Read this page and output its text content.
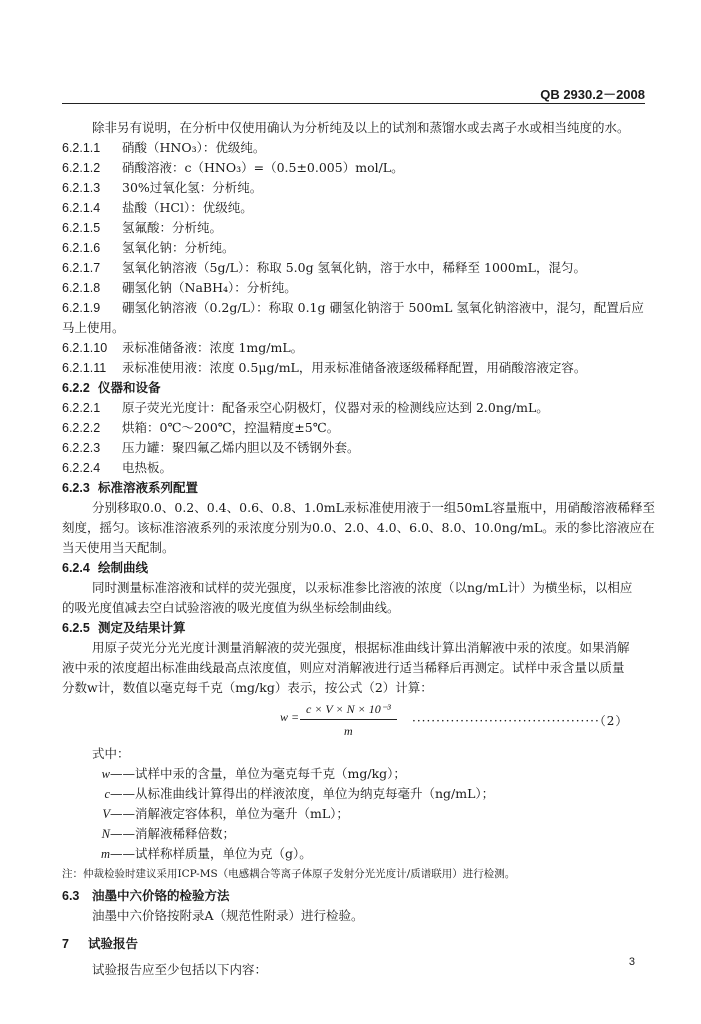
QB 2930.2－2008
除非另有说明，在分析中仅使用确认为分析纯及以上的试剂和蒸馏水或去离子水或相当纯度的水。
6.2.1.1 硝酸（HNO₃）：优级纯。
6.2.1.2 硝酸溶液：c（HNO₃）=（0.5±0.005）mol/L。
6.2.1.3 30%过氧化氢：分析纯。
6.2.1.4 盐酸（HCl）：优级纯。
6.2.1.5 氢氟酸：分析纯。
6.2.1.6 氢氧化钠：分析纯。
6.2.1.7 氢氧化钠溶液（5g/L）：称取 5.0g 氢氧化钠，溶于水中，稀释至 1000mL，混匀。
6.2.1.8 硼氢化钠（NaBH₄）：分析纯。
6.2.1.9 硼氢化钠溶液（0.2g/L）：称取 0.1g 硼氢化钠溶于 500mL 氢氧化钠溶液中，混匀，配置后应
马上使用。
6.2.1.10 汞标准储备液：浓度 1mg/mL。
6.2.1.11 汞标准使用液：浓度 0.5μg/mL，用汞标准储备液逐级稀释配置，用硝酸溶液定容。
6.2.2 仪器和设备
6.2.2.1 原子荧光光度计：配备汞空心阴极灯，仪器对汞的检测线应达到 2.0ng/mL。
6.2.2.2 烘箱：0℃～200℃，控温精度±5℃。
6.2.2.3 压力罐：聚四氟乙烯内胆以及不锈钢外套。
6.2.2.4 电热板。
6.2.3 标准溶液系列配置
分别移取0.0、0.2、0.4、0.6、0.8、1.0mL汞标准使用液于一组50mL容量瓶中，用硝酸溶液稀释至
刻度，摇匀。该标准溶液系列的汞浓度分别为0.0、2.0、4.0、6.0、8.0、10.0ng/mL。汞的参比溶液应在
当天使用当天配制。
6.2.4 绘制曲线
同时测量标准溶液和试样的荧光强度，以汞标准参比溶液的浓度（以ng/mL计）为横坐标，以相应
的吸光度值减去空白试验溶液的吸光度值为纵坐标绘制曲线。
6.2.5 测定及结果计算
用原子荧光分光光度计测量消解液的荧光强度，根据标准曲线计算出消解液中汞的浓度。如果消解
液中汞的浓度超出标准曲线最高点浓度值，则应对消解液进行适当稀释后再测定。试样中汞含量以质量
分数w计，数值以毫克每千克（mg/kg）表示，按公式（2）计算：
w =
c × V × N × 10⁻³
m
·······································（2）
式中：
w——试样中汞的含量，单位为毫克每千克（mg/kg）；
c——从标准曲线计算得出的样液浓度，单位为纳克每毫升（ng/mL）；
V——消解液定容体积，单位为毫升（mL）；
N——消解液稀释倍数；
m——试样称样质量，单位为克（g）。
注：仲裁检验时建议采用ICP-MS（电感耦合等离子体原子发射分光光度计/质谱联用）进行检测。
6.3 油墨中六价铬的检验方法
油墨中六价铬按附录A（规范性附录）进行检验。
7 试验报告
试验报告应至少包括以下内容：	3
